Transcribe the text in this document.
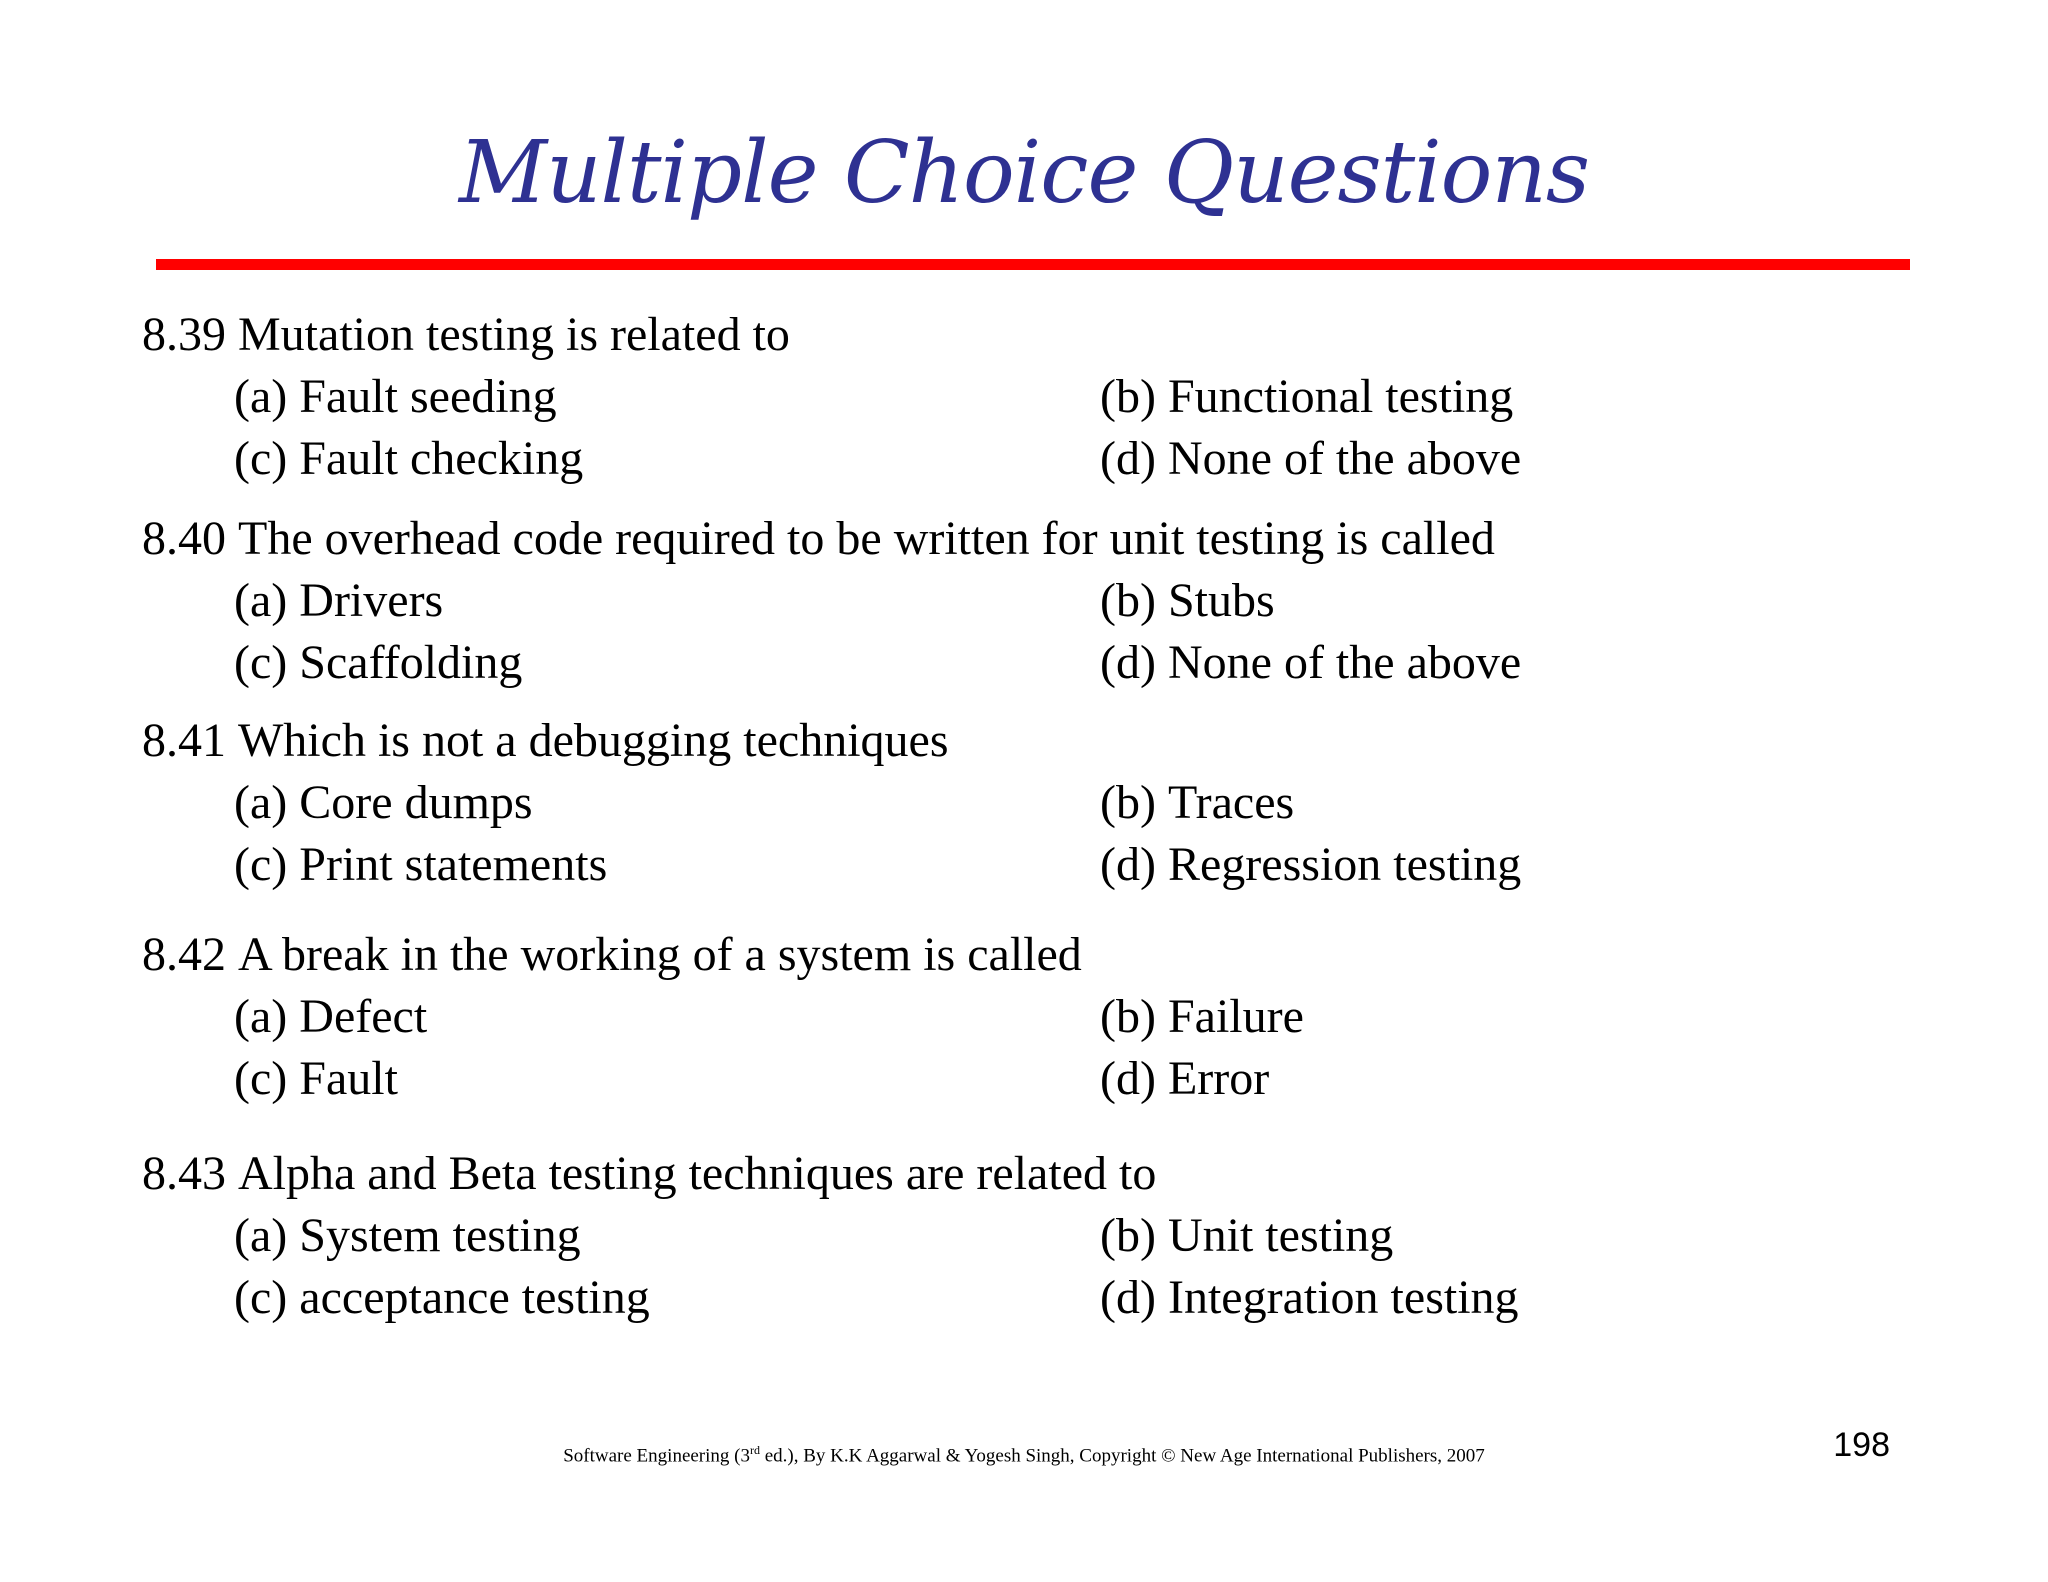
Multiple Choice Questions
8.39 Mutation testing is related to
(a) Fault seeding	(b) Functional testing
(c) Fault checking	(d) None of the above
8.40 The overhead code required to be written for unit testing is called
(a) Drivers	(b) Stubs
(c) Scaffolding	(d) None of the above
8.41 Which is not a debugging techniques
(a) Core dumps	(b) Traces
(c) Print statements	(d) Regression testing
8.42 A break in the working of a system is called
(a) Defect	(b) Failure
(c) Fault	(d) Error
8.43 Alpha and Beta testing techniques are related to
(a) System testing	(b) Unit testing
(c) acceptance testing	(d) Integration testing
Software Engineering (3rd ed.), By K.K Aggarwal & Yogesh Singh, Copyright © New Age International Publishers, 2007	198
